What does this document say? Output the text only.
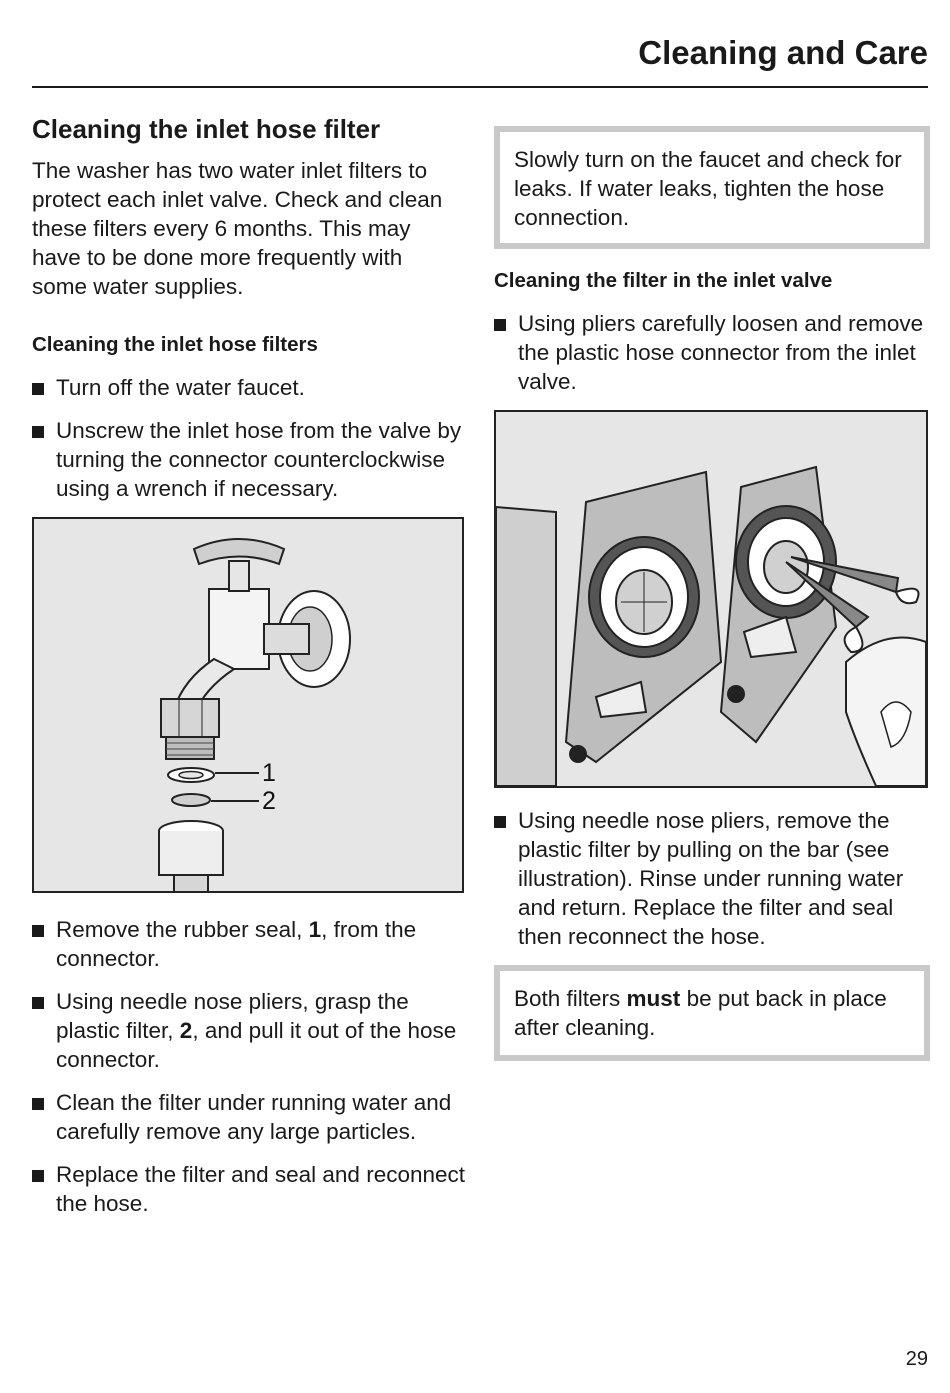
Cleaning and Care
Cleaning the inlet hose filter

The washer has two water inlet filters to protect each inlet valve. Check and clean these filters every 6 months. This may have to be done more frequently with some water supplies.

Cleaning the inlet hose filters
Turn off the water faucet.
Unscrew the inlet hose from the valve by turning the connector counterclockwise using a wrench if necessary.
1
2
Remove the rubber seal, 1, from the connector.
Using needle nose pliers, grasp the plastic filter, 2, and pull it out of the hose connector.
Clean the filter under running water and carefully remove any large particles.
Replace the filter and seal and reconnect the hose.
Slowly turn on the faucet and check for leaks. If water leaks, tighten the hose connection.
Cleaning the filter in the inlet valve
Using pliers carefully loosen and remove the plastic hose connector from the inlet valve.
Using needle nose pliers, remove the plastic filter by pulling on the bar (see illustration). Rinse under running water and return. Replace the filter and seal then reconnect the hose.
Both filters must be put back in place after cleaning.
29
